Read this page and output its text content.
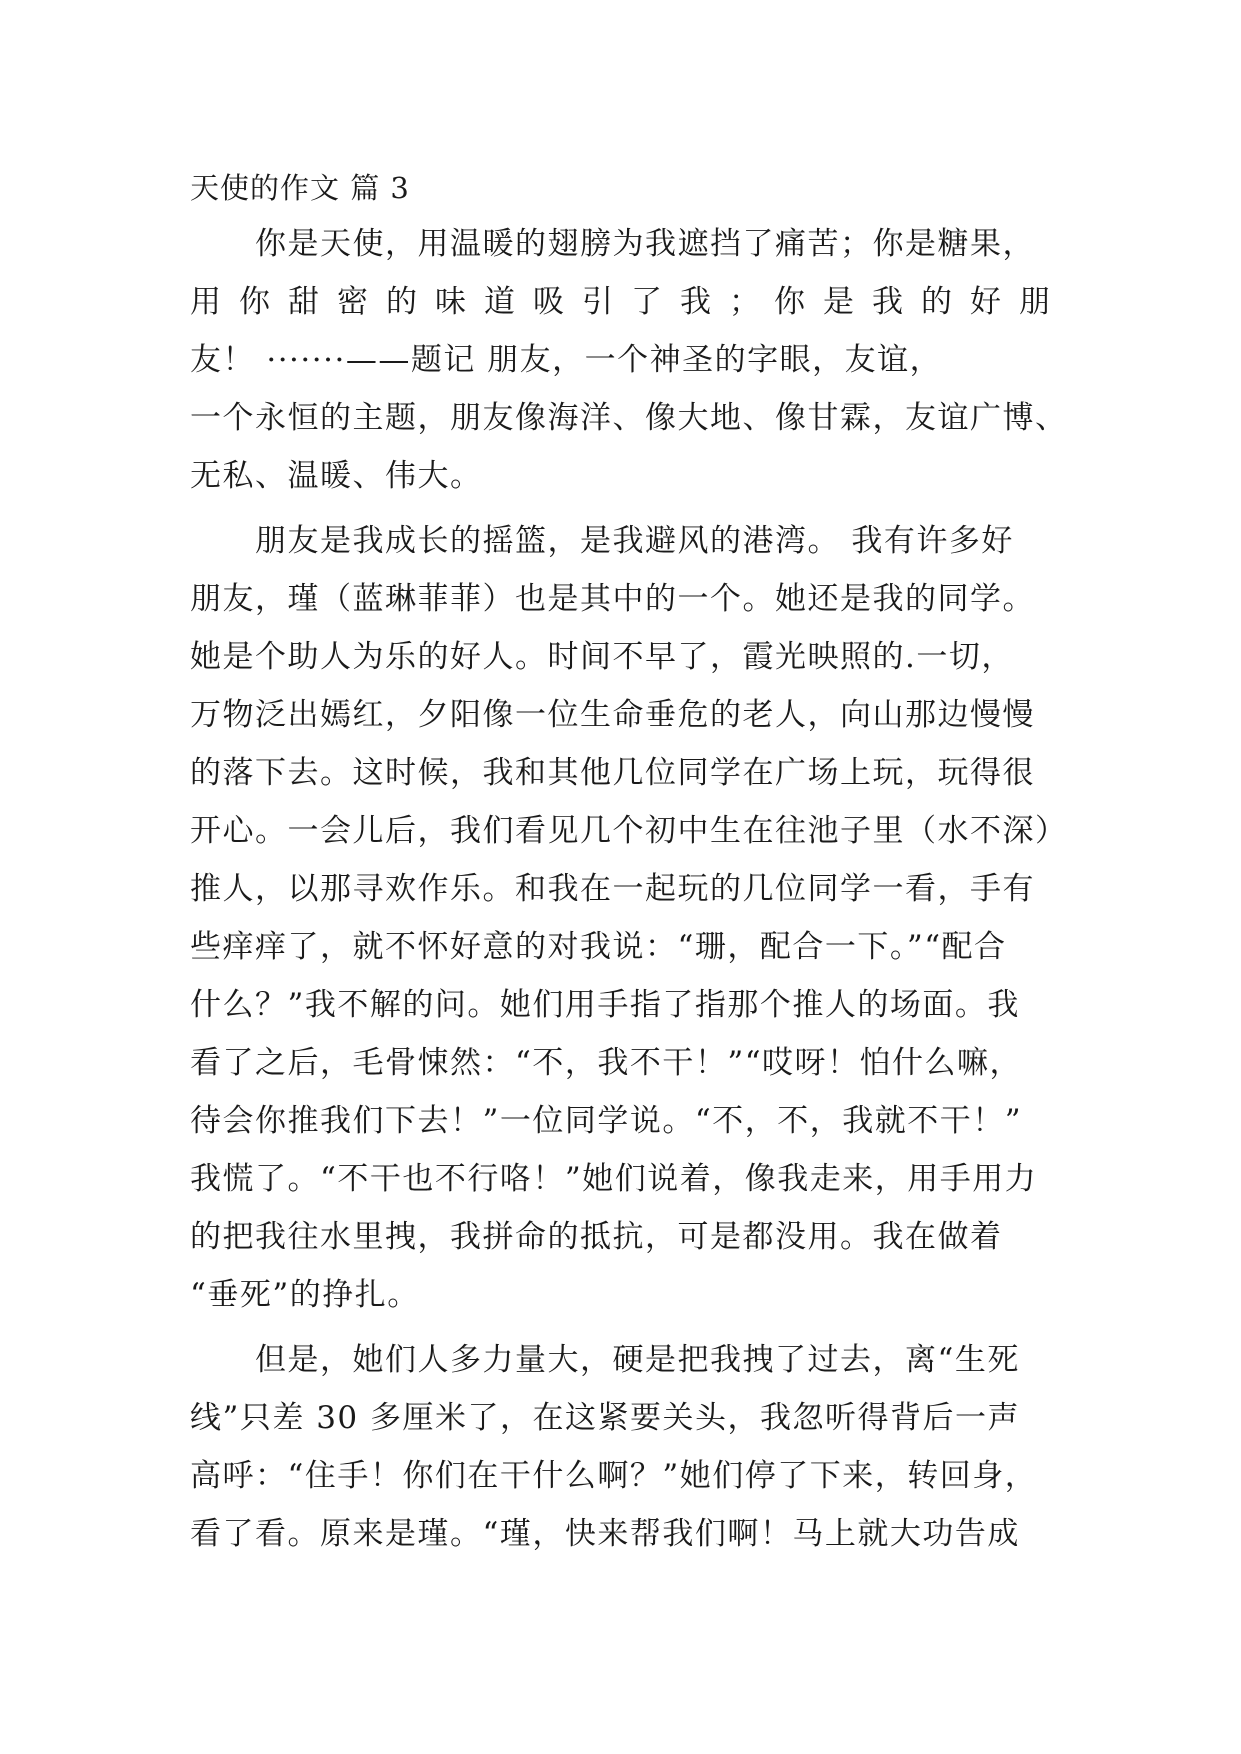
天使的作文 篇 3
你是天使，用温暖的翅膀为我遮挡了痛苦；你是糖果，
用 你 甜 密 的 味 道 吸 引 了 我 ； 你 是 我 的 好 朋
友！ ·······——题记 朋友，一个神圣的字眼，友谊，
一个永恒的主题，朋友像海洋、像大地、像甘霖，友谊广博、
无私、温暖、伟大。
朋友是我成长的摇篮，是我避风的港湾。 我有许多好
朋友，瑾（蓝琳菲菲）也是其中的一个。她还是我的同学。
她是个助人为乐的好人。时间不早了，霞光映照的.一切，
万物泛出嫣红，夕阳像一位生命垂危的老人，向山那边慢慢
的落下去。这时候，我和其他几位同学在广场上玩，玩得很
开心。一会儿后，我们看见几个初中生在往池子里（水不深）
推人，以那寻欢作乐。和我在一起玩的几位同学一看，手有
些痒痒了，就不怀好意的对我说：“珊，配合一下。”“配合
什么？”我不解的问。她们用手指了指那个推人的场面。我
看了之后，毛骨悚然：“不，我不干！”“哎呀！怕什么嘛，
待会你推我们下去！”一位同学说。“不，不，我就不干！”
我慌了。“不干也不行咯！”她们说着，像我走来，用手用力
的把我往水里拽，我拼命的抵抗，可是都没用。我在做着
“垂死”的挣扎。
但是，她们人多力量大，硬是把我拽了过去，离“生死
线”只差 30 多厘米了，在这紧要关头，我忽听得背后一声
高呼：“住手！你们在干什么啊？”她们停了下来，转回身，
看了看。原来是瑾。“瑾，快来帮我们啊！马上就大功告成
